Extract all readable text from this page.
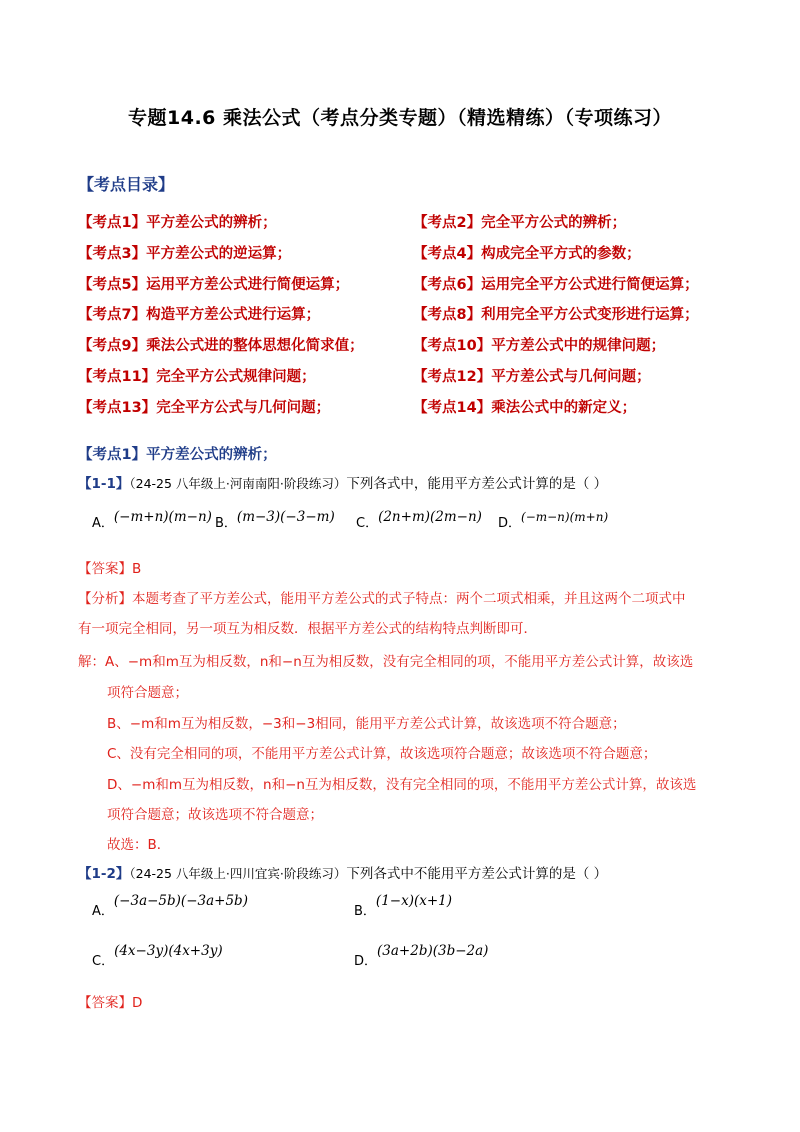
专题14.6 乘法公式（考点分类专题）（精选精练）（专项练习）
【考点目录】
【考点1】平方差公式的辨析；	【考点2】完全平方公式的辨析；
【考点3】平方差公式的逆运算；	【考点4】构成完全平方式的参数；
【考点5】运用平方差公式进行简便运算；	【考点6】运用完全平方公式进行简便运算；
【考点7】构造平方差公式进行运算；	【考点8】利用完全平方公式变形进行运算；
【考点9】乘法公式进的整体思想化简求值；	【考点10】平方差公式中的规律问题；
【考点11】完全平方公式规律问题；	【考点12】平方差公式与几何问题；
【考点13】完全平方公式与几何问题；	【考点14】乘法公式中的新定义；
【考点1】平方差公式的辨析；
【1-1】（24-25 八年级上·河南南阳·阶段练习）下列各式中，能用平方差公式计算的是（ ）
A．(−m+n)(m−n) B．(m−3)(−3−m) C．(2n+m)(2m−n) D．(−m−n)(m+n)
【答案】B
【分析】本题考查了平方差公式，能用平方差公式的式子特点：两个二项式相乘，并且这两个二项式中
有一项完全相同，另一项互为相反数．根据平方差公式的结构特点判断即可．
解：A、−m和m互为相反数，n和−n互为相反数，没有完全相同的项，不能用平方差公式计算，故该选
项符合题意；
B、−m和m互为相反数，−3和−3相同，能用平方差公式计算，故该选项不符合题意；
C、没有完全相同的项，不能用平方差公式计算，故该选项符合题意；故该选项不符合题意；
D、−m和m互为相反数，n和−n互为相反数，没有完全相同的项，不能用平方差公式计算，故该选
项符合题意；故该选项不符合题意；
故选：B．
【1-2】（24-25 八年级上·四川宜宾·阶段练习）下列各式中不能用平方差公式计算的是（ ）
A．(−3a−5b)(−3a+5b)
B．(1−x)(x+1)
C．(4x−3y)(4x+3y)
D．(3a+2b)(3b−2a)
【答案】D
